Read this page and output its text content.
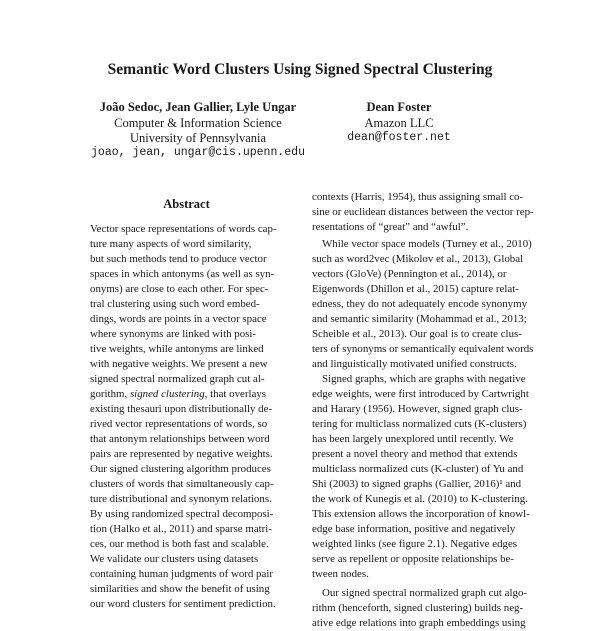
Semantic Word Clusters Using Signed Spectral Clustering
João Sedoc, Jean Gallier, Lyle Ungar
Computer & Information Science
University of Pennsylvania
joao, jean, ungar@cis.upenn.edu
Dean Foster
Amazon LLC
dean@foster.net
Abstract
Vector space representations of words cap-
ture many aspects of word similarity,
but such methods tend to produce vector
spaces in which antonyms (as well as syn-
onyms) are close to each other. For spec-
tral clustering using such word embed-
dings, words are points in a vector space
where synonyms are linked with posi-
tive weights, while antonyms are linked
with negative weights. We present a new
signed spectral normalized graph cut al-
gorithm, signed clustering, that overlays
existing thesauri upon distributionally de-
rived vector representations of words, so
that antonym relationships between word
pairs are represented by negative weights.
Our signed clustering algorithm produces
clusters of words that simultaneously cap-
ture distributional and synonym relations.
By using randomized spectral decomposi-
tion (Halko et al., 2011) and sparse matri-
ces, our method is both fast and scalable.
We validate our clusters using datasets
containing human judgments of word pair
similarities and show the benefit of using
our word clusters for sentiment prediction.
contexts (Harris, 1954), thus assigning small co-
sine or euclidean distances between the vector rep-
resentations of “great” and “awful”.
While vector space models (Turney et al., 2010)
such as word2vec (Mikolov et al., 2013), Global
vectors (GloVe) (Pennington et al., 2014), or
Eigenwords (Dhillon et al., 2015) capture relat-
edness, they do not adequately encode synonymy
and semantic similarity (Mohammad et al., 2013;
Scheible et al., 2013). Our goal is to create clus-
ters of synonyms or semantically equivalent words
and linguistically motivated unified constructs.
Signed graphs, which are graphs with negative
edge weights, were first introduced by Cartwright
and Harary (1956). However, signed graph clus-
tering for multiclass normalized cuts (K-clusters)
has been largely unexplored until recently. We
present a novel theory and method that extends
multiclass normalized cuts (K-cluster) of Yu and
Shi (2003) to signed graphs (Gallier, 2016)¹ and
the work of Kunegis et al. (2010) to K-clustering.
This extension allows the incorporation of knowl-
edge base information, positive and negatively
weighted links (see figure 2.1). Negative edges
serve as repellent or opposite relationships be-
tween nodes.
Our signed spectral normalized graph cut algo-
rithm (henceforth, signed clustering) builds neg-
ative edge relations into graph embeddings using
